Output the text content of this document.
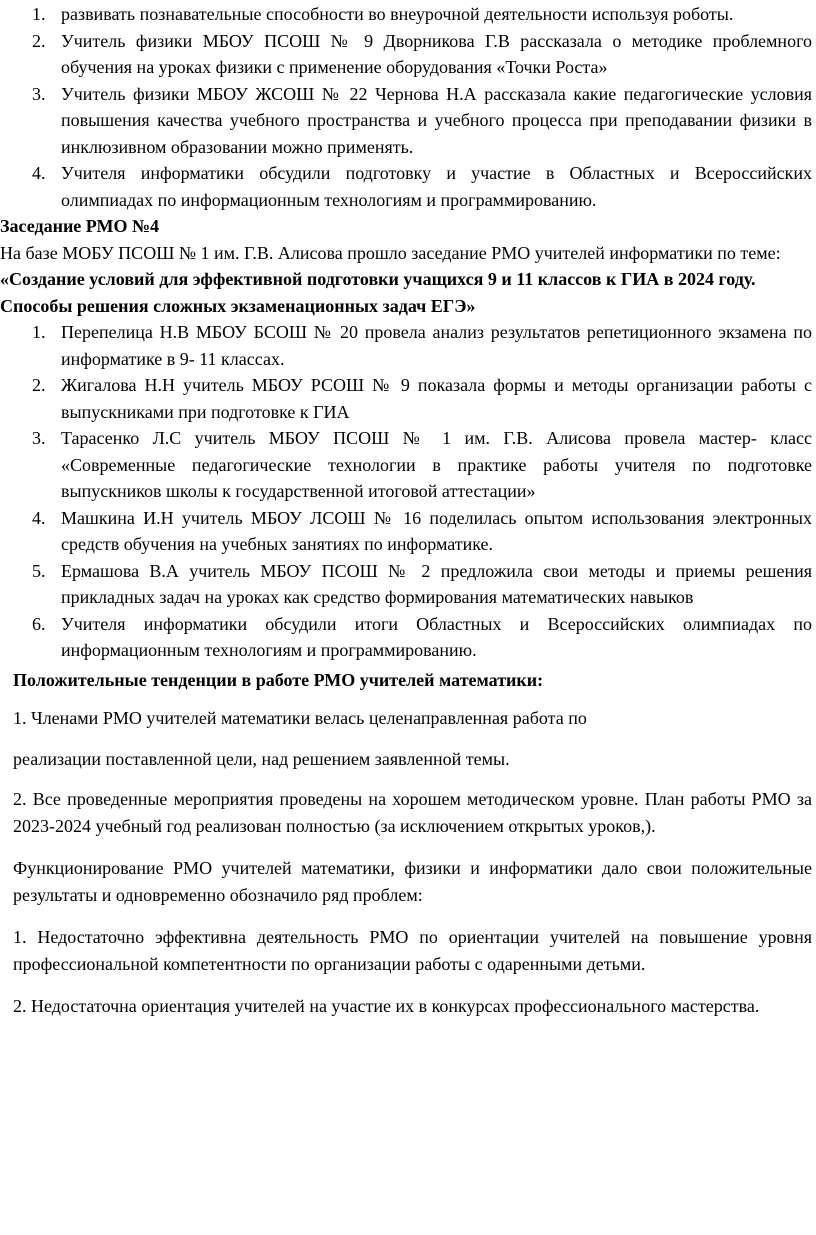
1. развивать познавательные способности во внеурочной деятельности используя роботы.
2. Учитель физики МБОУ ПСОШ № 9 Дворникова Г.В рассказала о методике проблемного обучения на уроках физики с применение оборудования «Точки Роста»
3. Учитель физики МБОУ ЖСОШ № 22 Чернова Н.А рассказала какие педагогические условия повышения качества учебного пространства и учебного процесса при преподавании физики в инклюзивном образовании можно применять.
4. Учителя информатики обсудили подготовку и участие в Областных и Всероссийских олимпиадах по информационным технологиям и программированию.
Заседание РМО №4
На базе МОБУ ПСОШ № 1 им. Г.В. Алисова прошло заседание РМО учителей информатики по теме: «Создание условий для эффективной подготовки учащихся 9 и 11 классов к ГИА в 2024 году. Способы решения сложных экзаменационных задач ЕГЭ»
1. Перепелица Н.В МБОУ БСОШ № 20 провела анализ результатов репетиционного экзамена по информатике в 9- 11 классах.
2. Жигалова Н.Н учитель МБОУ РСОШ № 9 показала формы и методы организации работы с выпускниками при подготовке к ГИА
3. Тарасенко Л.С учитель МБОУ ПСОШ № 1 им. Г.В. Алисова провела мастер- класс «Современные педагогические технологии в практике работы учителя по подготовке выпускников школы к государственной итоговой аттестации»
4. Машкина И.Н учитель МБОУ ЛСОШ № 16 поделилась опытом использования электронных средств обучения на учебных занятиях по информатике.
5. Ермашова В.А учитель МБОУ ПСОШ № 2 предложила свои методы и приемы решения прикладных задач на уроках как средство формирования математических навыков
6. Учителя информатики обсудили итоги Областных и Всероссийских олимпиадах по информационным технологиям и программированию.
Положительные тенденции в работе РМО учителей математики:
1. Членами РМО учителей математики велась целенаправленная работа по
реализации поставленной цели, над решением заявленной темы.
2. Все проведенные мероприятия проведены на хорошем методическом уровне. План работы РМО за 2023-2024 учебный год реализован полностью (за исключением открытых уроков,).
Функционирование РМО учителей математики, физики и информатики дало свои положительные результаты и одновременно обозначило ряд проблем:
1. Недостаточно эффективна деятельность РМО по ориентации учителей на повышение уровня профессиональной компетентности по организации работы с одаренными детьми.
2. Недостаточна ориентация учителей на участие их в конкурсах профессионального мастерства.
